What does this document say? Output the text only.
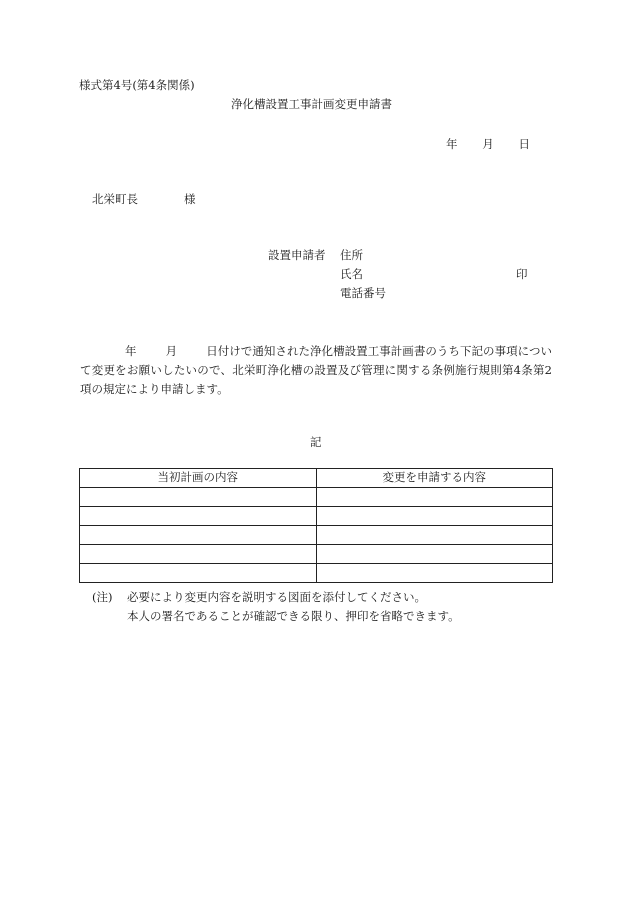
様式第4号(第4条関係)
浄化槽設置工事計画変更申請書
年 月 日
北栄町長	様
設置申請者 住所
氏名	印
電話番号
年	月	日付けで通知された浄化槽設置工事計画書のうち下記の事項について変更をお願いしたいので、北栄町浄化槽の設置及び管理に関する条例施行規則第4条第2項の規定により申請します。
記
当初計画の内容	変更を申請する内容

(注) 必要により変更内容を説明する図面を添付してください。
本人の署名であることが確認できる限り、押印を省略できます。
